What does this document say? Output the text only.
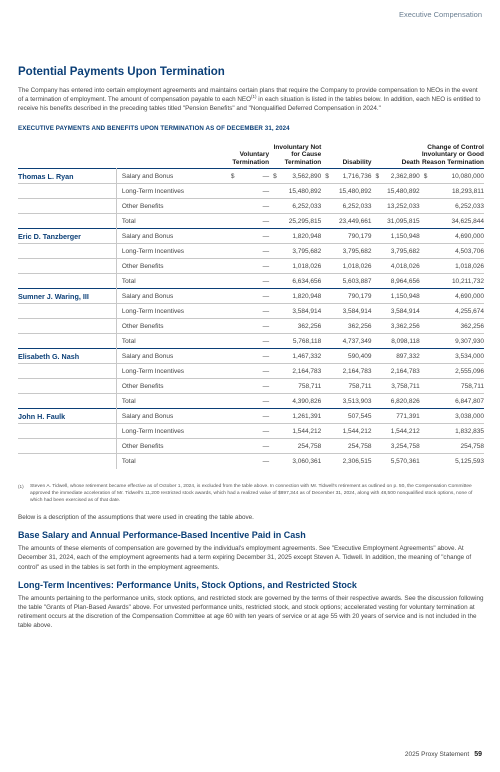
Executive Compensation
Potential Payments Upon Termination

The Company has entered into certain employment agreements and maintains certain plans that require the Company to provide compensation to NEOs in the event of a termination of employment. The amount of compensation payable to each NEO$^{(1)}$ in each situation is listed in the tables below. In addition, each NEO is entitled to receive his benefits described in the preceding tables titled "Pension Benefits" and "Nonqualified Deferred Compensation in 2024."

EXECUTIVE PAYMENTS AND BENEFITS UPON TERMINATION AS OF DECEMBER 31, 2024
		Voluntary Termination	Involuntary Not for Cause Termination	Disability	Death	Change of Control Involuntary or Good Reason Termination
Thomas L. Ryan	Salary and Bonus	$ —	$ 3,562,890	$ 1,716,736	$ 2,362,890	$ 10,080,000
	Long-Term Incentives	—	15,480,892	15,480,892	15,480,892	18,293,811
	Other Benefits	—	6,252,033	6,252,033	13,252,033	6,252,033
	Total	—	25,295,815	23,449,661	31,095,815	34,625,844
Eric D. Tanzberger	Salary and Bonus	—	1,820,948	790,179	1,150,948	4,690,000
	Long-Term Incentives	—	3,795,682	3,795,682	3,795,682	4,503,706
	Other Benefits	—	1,018,026	1,018,026	4,018,026	1,018,026
	Total	—	6,634,656	5,603,887	8,964,656	10,211,732
Sumner J. Waring, III	Salary and Bonus	—	1,820,948	790,179	1,150,948	4,690,000
	Long-Term Incentives	—	3,584,914	3,584,914	3,584,914	4,255,674
	Other Benefits	—	362,256	362,256	3,362,256	362,256
	Total	—	5,768,118	4,737,349	8,098,118	9,307,930
Elisabeth G. Nash	Salary and Bonus	—	1,467,332	590,409	897,332	3,534,000
	Long-Term Incentives	—	2,164,783	2,164,783	2,164,783	2,555,096
	Other Benefits	—	758,711	758,711	3,758,711	758,711
	Total	—	4,390,826	3,513,903	6,820,826	6,847,807
John H. Faulk	Salary and Bonus	—	1,261,391	507,545	771,391	3,038,000
	Long-Term Incentives	—	1,544,212	1,544,212	1,544,212	1,832,835
	Other Benefits	—	254,758	254,758	3,254,758	254,758
	Total	—	3,060,361	2,306,515	5,570,361	5,125,593
(1)	Steven A. Tidwell, whose retirement became effective as of October 1, 2024, is excluded from the table above. In connection with Mr. Tidwell's retirement as outlined on p. 50, the Compensation Committee approved the immediate acceleration of Mr. Tidwell's 11,200 restricted stock awards, which had a realized value of $897,344 as of December 31, 2024, along with 48,500 nonqualified stock options, none of which had been exercised as of that date.

Below is a description of the assumptions that were used in creating the table above.

Base Salary and Annual Performance-Based Incentive Paid in Cash

The amounts of these elements of compensation are governed by the individual's employment agreements. See "Executive Employment Agreements" above. At December 31, 2024, each of the employment agreements had a term expiring December 31, 2025 except Steven A. Tidwell. In addition, the meaning of "change of control" as used in the tables is set forth in the employment agreements.

Long-Term Incentives: Performance Units, Stock Options, and Restricted Stock

The amounts pertaining to the performance units, stock options, and restricted stock are governed by the terms of their respective awards. See the discussion following the table "Grants of Plan-Based Awards" above. For unvested performance units, restricted stock, and stock options; accelerated vesting for voluntary termination at retirement occurs at the discretion of the Compensation Committee at age 60 with ten years of service or at age 55 with 20 years of service and is not included in the table above.

2025 Proxy Statement 59
